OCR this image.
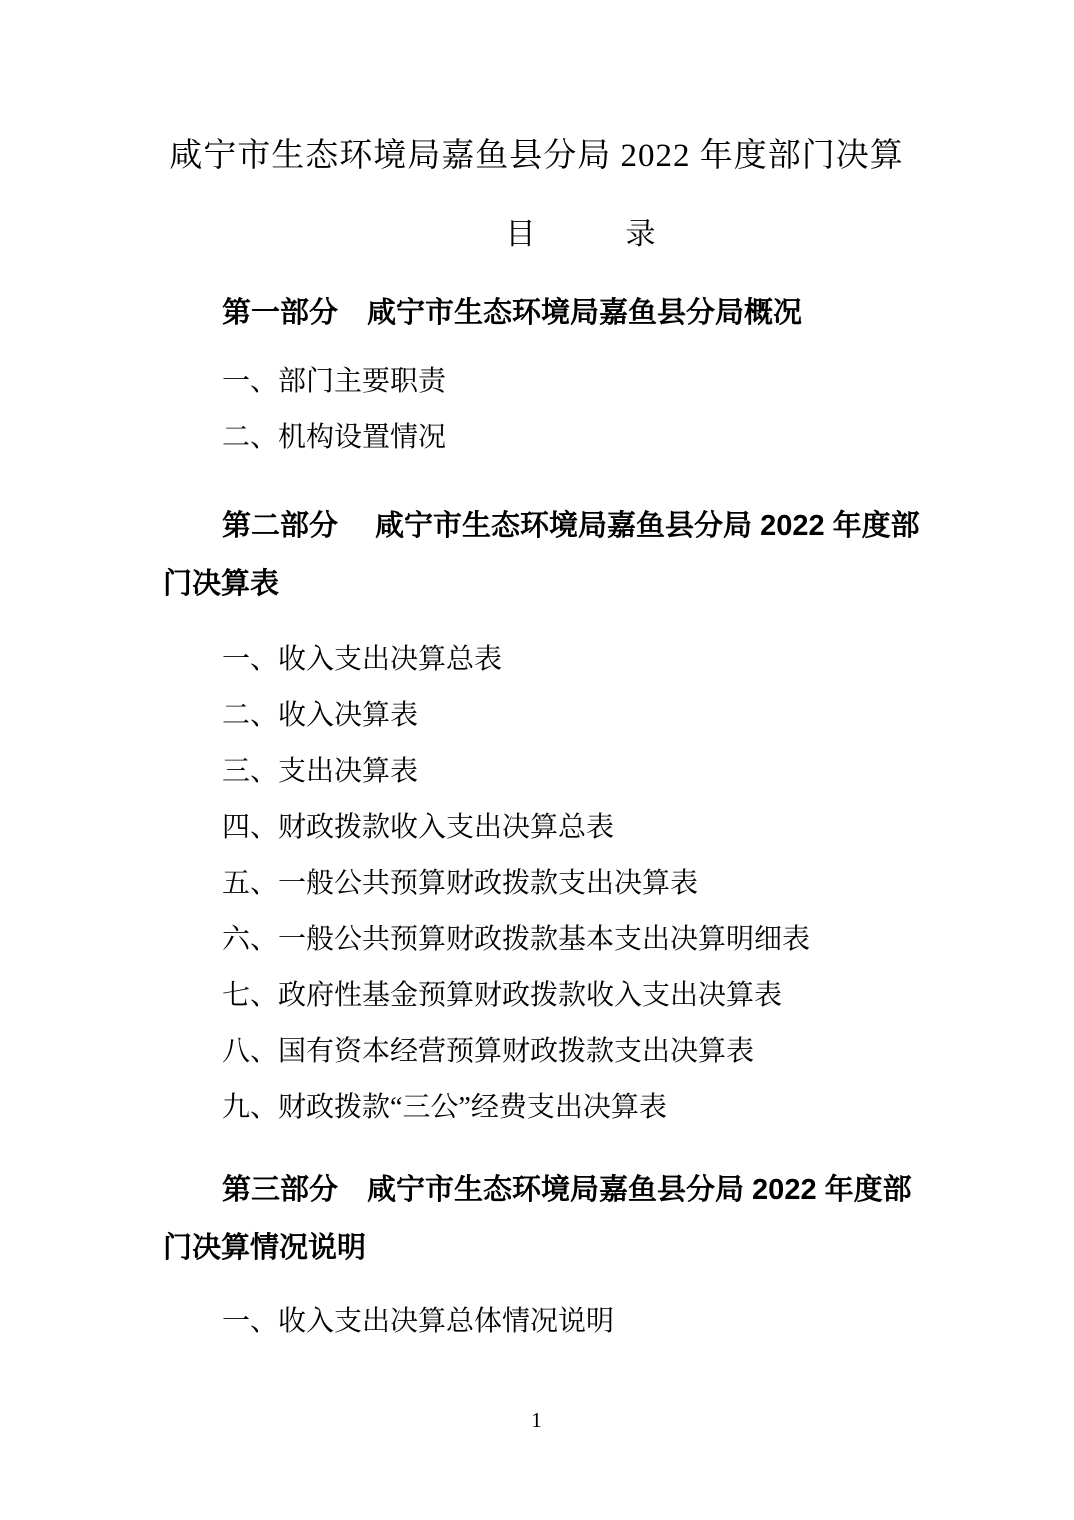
咸宁市生态环境局嘉鱼县分局 2022 年度部门决算
目　　　录
第一部分　咸宁市生态环境局嘉鱼县分局概况
一、部门主要职责
二、机构设置情况
第二部分　 咸宁市生态环境局嘉鱼县分局 2022 年度部
门决算表
一、收入支出决算总表
二、收入决算表
三、支出决算表
四、财政拨款收入支出决算总表
五、一般公共预算财政拨款支出决算表
六、一般公共预算财政拨款基本支出决算明细表
七、政府性基金预算财政拨款收入支出决算表
八、国有资本经营预算财政拨款支出决算表
九、财政拨款“三公”经费支出决算表
第三部分　咸宁市生态环境局嘉鱼县分局 2022 年度部
门决算情况说明
一、收入支出决算总体情况说明
1
